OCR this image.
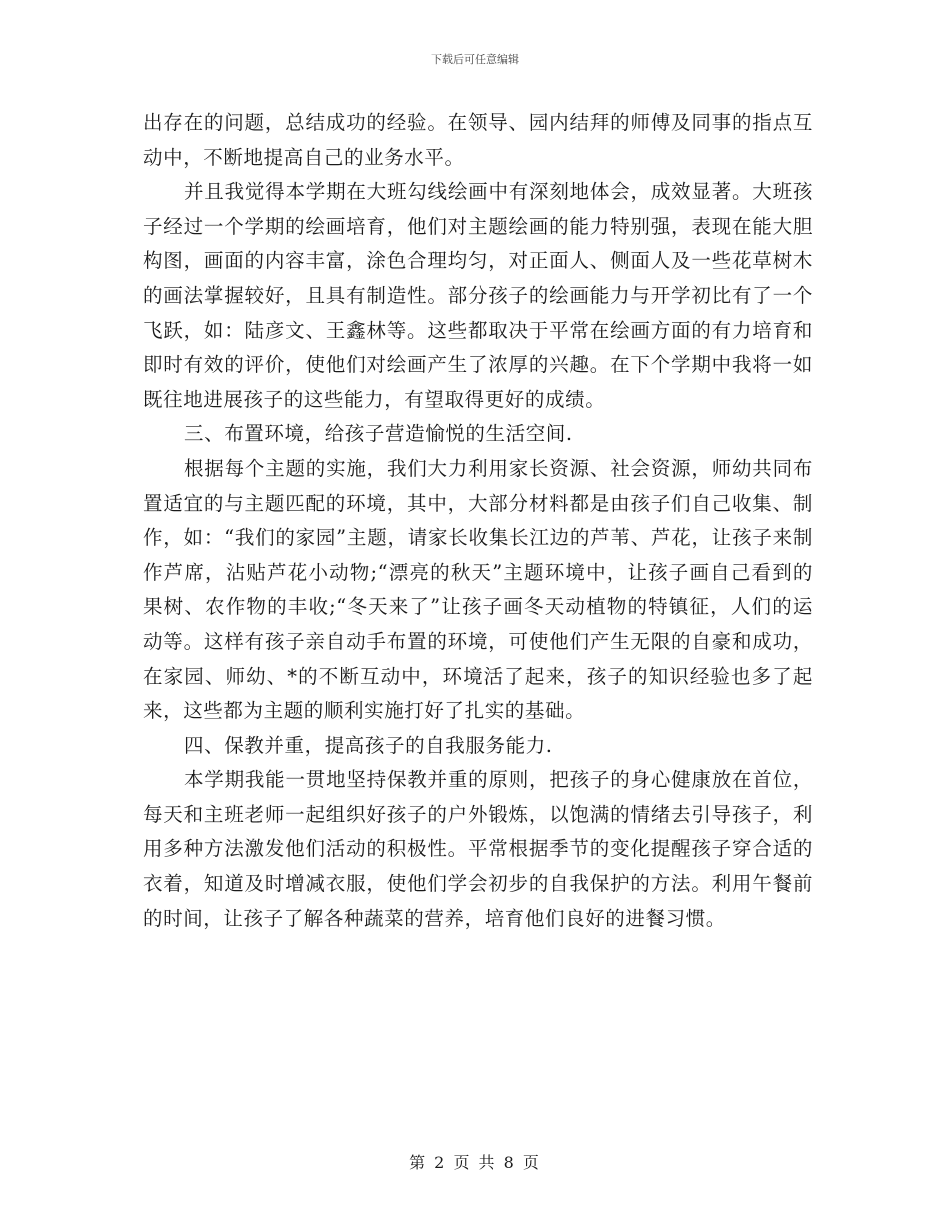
下载后可任意编辑

出存在的问题，总结成功的经验。在领导、园内结拜的师傅及同事的指点互动中，不断地提高自己的业务水平。

并且我觉得本学期在大班勾线绘画中有深刻地体会，成效显著。大班孩子经过一个学期的绘画培育，他们对主题绘画的能力特别强，表现在能大胆构图，画面的内容丰富，涂色合理均匀，对正面人、侧面人及一些花草树木的画法掌握较好，且具有制造性。部分孩子的绘画能力与开学初比有了一个飞跃，如：陆彦文、王鑫林等。这些都取决于平常在绘画方面的有力培育和即时有效的评价，使他们对绘画产生了浓厚的兴趣。在下个学期中我将一如既往地进展孩子的这些能力，有望取得更好的成绩。

三、布置环境，给孩子营造愉悦的生活空间.

根据每个主题的实施，我们大力利用家长资源、社会资源，师幼共同布置适宜的与主题匹配的环境，其中，大部分材料都是由孩子们自己收集、制作，如：“我们的家园”主题，请家长收集长江边的芦苇、芦花，让孩子来制作芦席，沾贴芦花小动物;“漂亮的秋天”主题环境中，让孩子画自己看到的果树、农作物的丰收;“冬天来了”让孩子画冬天动植物的特镇征，人们的运动等。这样有孩子亲自动手布置的环境，可使他们产生无限的自豪和成功，在家园、师幼、*的不断互动中，环境活了起来，孩子的知识经验也多了起来，这些都为主题的顺利实施打好了扎实的基础。

四、保教并重，提高孩子的自我服务能力.

本学期我能一贯地坚持保教并重的原则，把孩子的身心健康放在首位，每天和主班老师一起组织好孩子的户外锻炼，以饱满的情绪去引导孩子，利用多种方法激发他们活动的积极性。平常根据季节的变化提醒孩子穿合适的衣着，知道及时增减衣服，使他们学会初步的自我保护的方法。利用午餐前的时间，让孩子了解各种蔬菜的营养，培育他们良好的进餐习惯。

第 2 页 共 8 页
